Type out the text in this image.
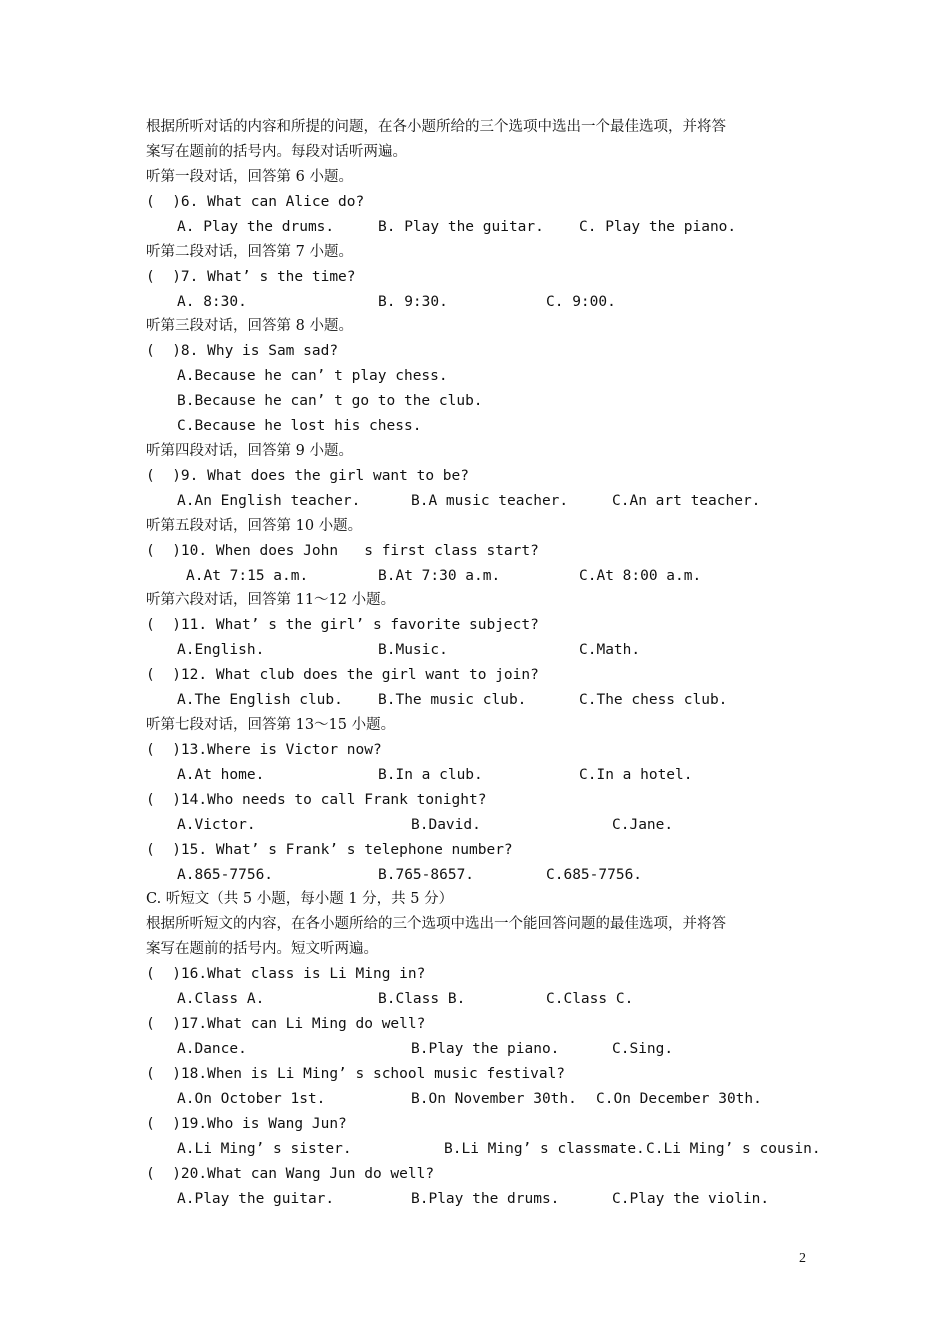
根据所听对话的内容和所提的问题，在各小题所给的三个选项中选出一个最佳选项，并将答
案写在题前的括号内。每段对话听两遍。
听第一段对话，回答第 6 小题。
(  )6. What can Alice do?
A. Play the drums.	B. Play the guitar. C. Play the piano.
听第二段对话，回答第 7 小题。
(  )7. What’ s the time?
A. 8:30.	B. 9:30.	C. 9:00.
听第三段对话，回答第 8 小题。
(  )8. Why is Sam sad?
A.Because he can’ t play chess.
B.Because he can’ t go to the club.
C.Because he lost his chess.
听第四段对话，回答第 9 小题。
(  )9. What does the girl want to be?
A.An English teacher.	B.A music teacher.	C.An art teacher.
听第五段对话，回答第 10 小题。
(  )10. When does John   s first class start?
A.At 7:15 a.m.	B.At 7:30 a.m.	C.At 8:00 a.m.
听第六段对话，回答第 11～12 小题。
(  )11. What’ s the girl’ s favorite subject?
A.English.	B.Music.	C.Math.
(  )12. What club does the girl want to join?
A.The English club. B.The music club.	C.The chess club.
听第七段对话，回答第 13～15 小题。
(  )13.Where is Victor now?
A.At home.	B.In a club.	C.In a hotel.
(  )14.Who needs to call Frank tonight?
A.Victor.	B.David.	C.Jane.
(  )15. What’ s Frank’ s telephone number?
A.865-7756.	B.765-8657.	C.685-7756.
C. 听短文（共 5 小题，每小题 1 分，共 5 分）
根据所听短文的内容，在各小题所给的三个选项中选出一个能回答问题的最佳选项，并将答
案写在题前的括号内。短文听两遍。
(  )16.What class is Li Ming in?
A.Class A.	B.Class B.	C.Class C.
(  )17.What can Li Ming do well?
A.Dance.	B.Play the piano.	C.Sing.
(  )18.When is Li Ming’ s school music festival?
A.On October 1st.	B.On November 30th. C.On December 30th.
(  )19.Who is Wang Jun?
A.Li Ming’ s sister.	B.Li Ming’ s classmate. C.Li Ming’ s cousin.
(  )20.What can Wang Jun do well?
A.Play the guitar.	B.Play the drums.	C.Play the violin.
2
